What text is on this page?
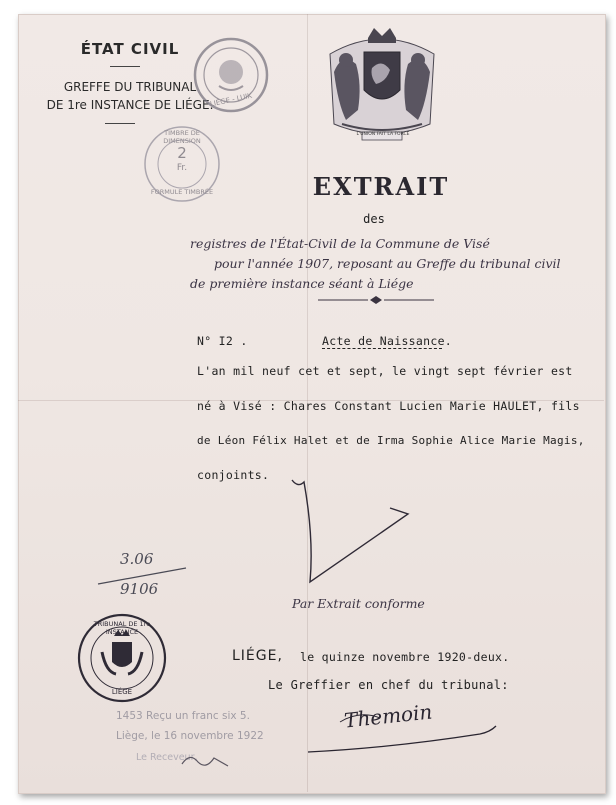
ÉTAT CIVIL
GREFFE DU TRIBUNAL
DE 1re INSTANCE DE LIÉGE.
LIÉGE - LUIK
TIMBRE DE DIMENSION
2
Fr.
FORMULE TIMBRÉE
L'UNION FAIT LA FORCE
EXTRAIT
des
registres de l'État-Civil de la Commune de Visé
pour l'année 1907, reposant au Greffe du tribunal civil
de première instance séant à Liége
N° I2 .	Acte de Naissance.
L'an mil neuf cet et sept, le vingt sept février est
né à Visé : Chares Constant Lucien Marie HAULET, fils
de Léon Félix Halet et de Irma Sophie Alice Marie Magis,
conjoints.
3.06
9106
Par Extrait conforme
LIÉGE, le quinze novembre 1920-deux.
Le Greffier en chef du tribunal:
Themoin
TRIBUNAL DE 1re INSTANCE
LIÉGE
1453 Reçu un franc six 5.
Liège, le 16 novembre 1922
Le Receveur,
